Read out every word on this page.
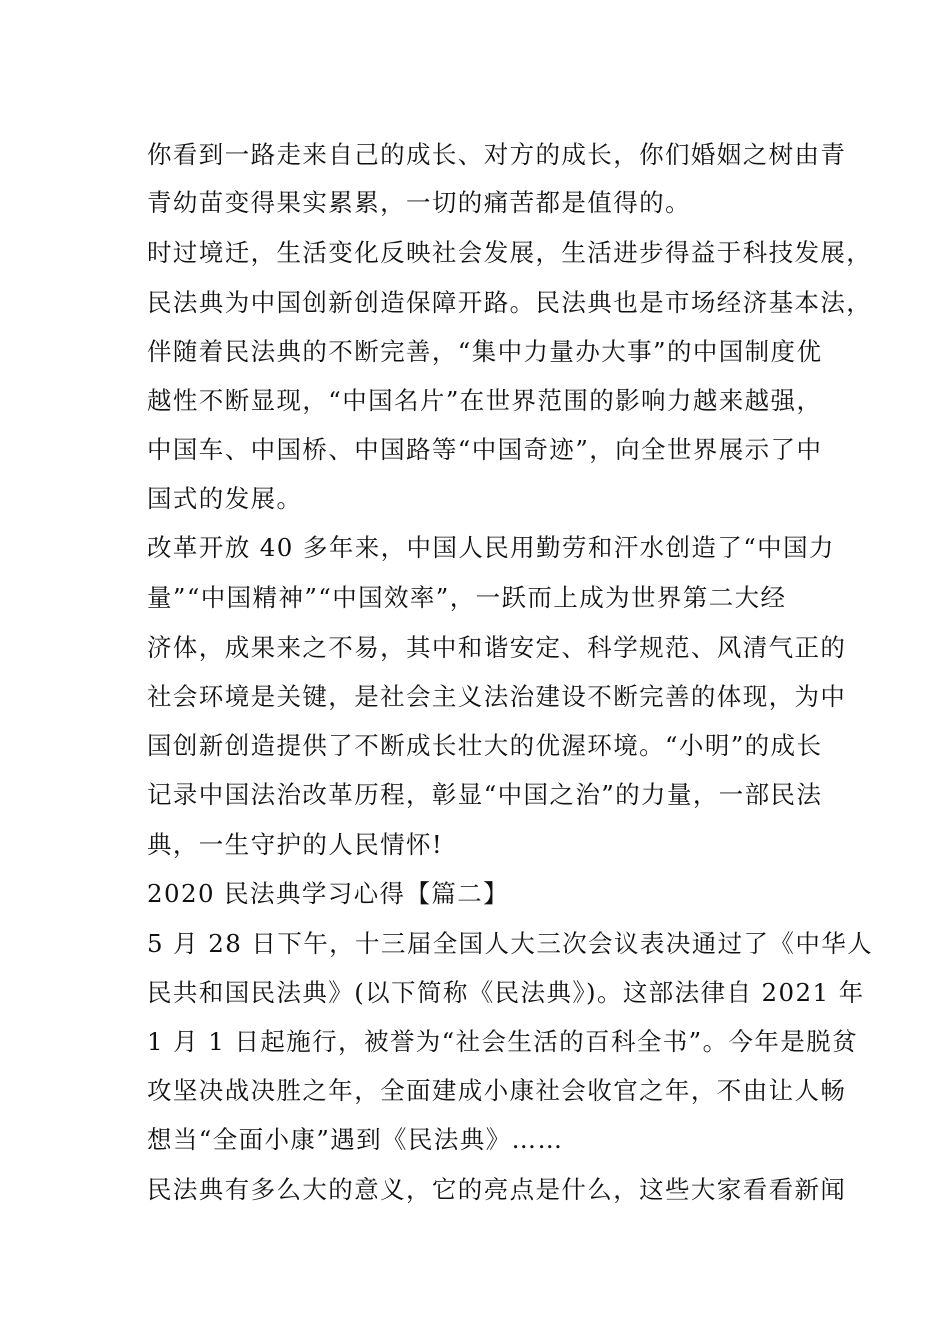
你看到一路走来自己的成长、对方的成长，你们婚姻之树由青
青幼苗变得果实累累，一切的痛苦都是值得的。
时过境迁，生活变化反映社会发展，生活进步得益于科技发展，
民法典为中国创新创造保障开路。民法典也是市场经济基本法，
伴随着民法典的不断完善，“集中力量办大事”的中国制度优
越性不断显现，“中国名片”在世界范围的影响力越来越强，
中国车、中国桥、中国路等“中国奇迹”，向全世界展示了中
国式的发展。
改革开放 40 多年来，中国人民用勤劳和汗水创造了“中国力
量”“中国精神”“中国效率”，一跃而上成为世界第二大经
济体，成果来之不易，其中和谐安定、科学规范、风清气正的
社会环境是关键，是社会主义法治建设不断完善的体现，为中
国创新创造提供了不断成长壮大的优渥环境。“小明”的成长
记录中国法治改革历程，彰显“中国之治”的力量，一部民法
典，一生守护的人民情怀!
2020 民法典学习心得【篇二】
5 月 28 日下午，十三届全国人大三次会议表决通过了《中华人
民共和国民法典》(以下简称《民法典》)。这部法律自 2021 年
1 月 1 日起施行，被誉为“社会生活的百科全书”。今年是脱贫
攻坚决战决胜之年，全面建成小康社会收官之年，不由让人畅
想当“全面小康”遇到《民法典》……
民法典有多么大的意义，它的亮点是什么，这些大家看看新闻
